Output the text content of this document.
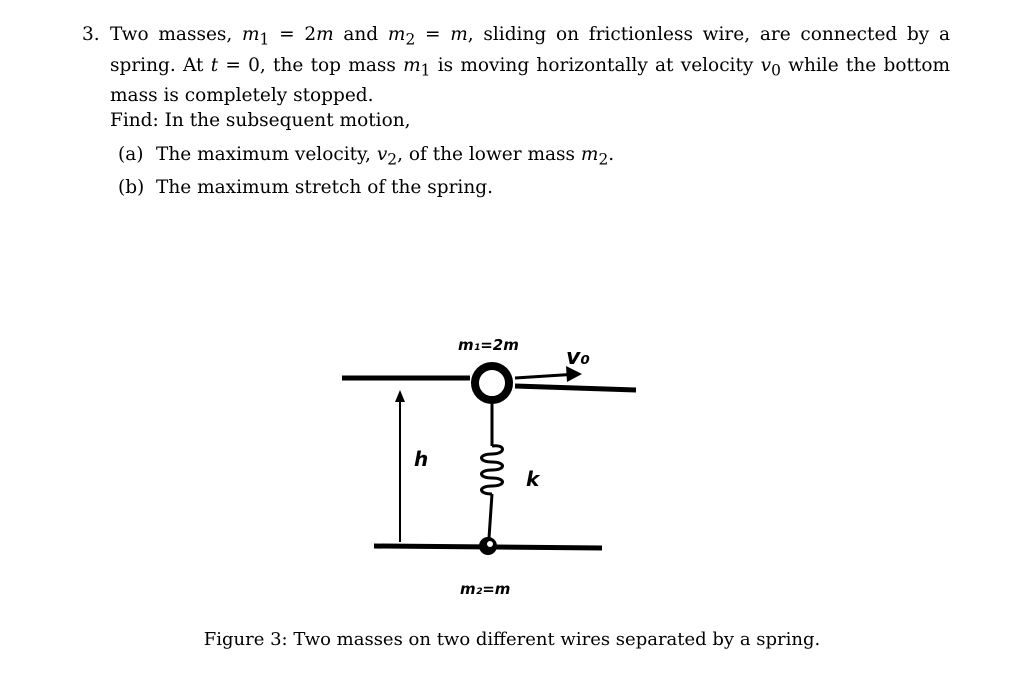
3. Two masses, $m_1 = 2m$ and $m_2 = m$, sliding on frictionless wire, are connected by a spring. At t = 0, the top mass $m_1$ is moving horizontally at velocity $v_0$ while the bottom mass is completely stopped.
Find: In the subsequent motion,
(a) The maximum velocity, $v_2$, of the lower mass $m_2$.
(b) The maximum stretch of the spring.
m₁=2m v₀
h
k
m₂=m
Figure 3: Two masses on two different wires separated by a spring.
